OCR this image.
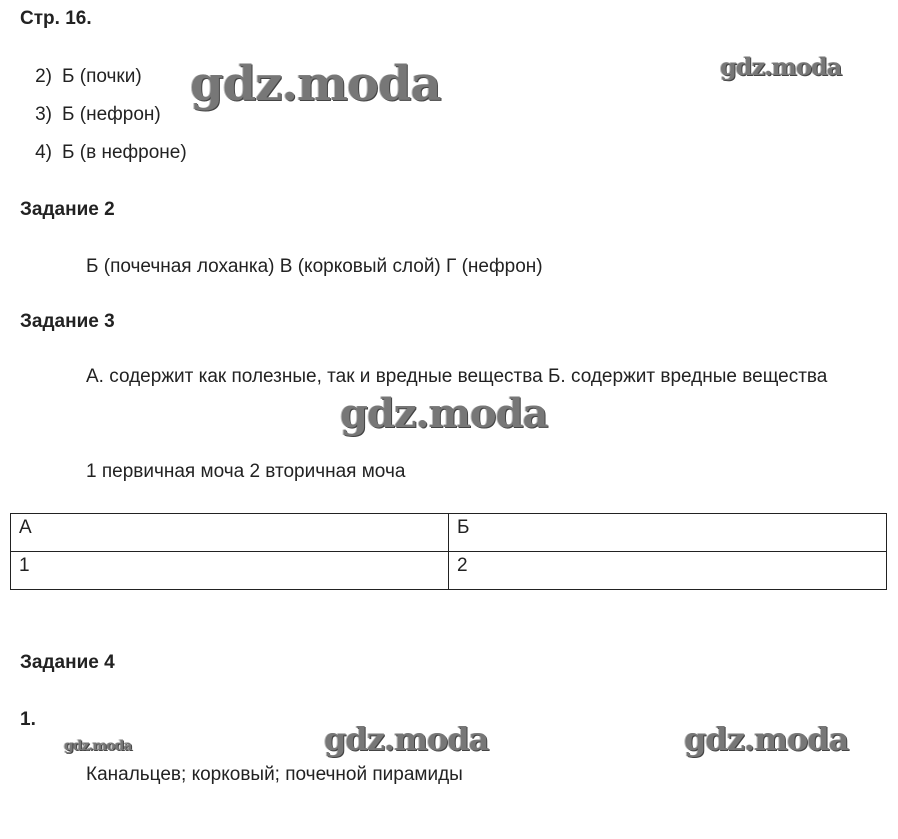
Стр. 16.
2) Б (почки)
3) Б (нефрон)
4) Б (в нефроне)
Задание 2
Б (почечная лоханка) В (корковый слой) Г (нефрон)
Задание 3
А. содержит как полезные, так и вредные вещества Б. содержит вредные вещества
1 первичная моча 2 вторичная моча
А	Б
1	2
Задание 4
1.
Канальцев; корковый; почечной пирамиды
gdz.moda	gdz.moda
gdz.moda
gdz.moda	gdz.moda	gdz.moda
